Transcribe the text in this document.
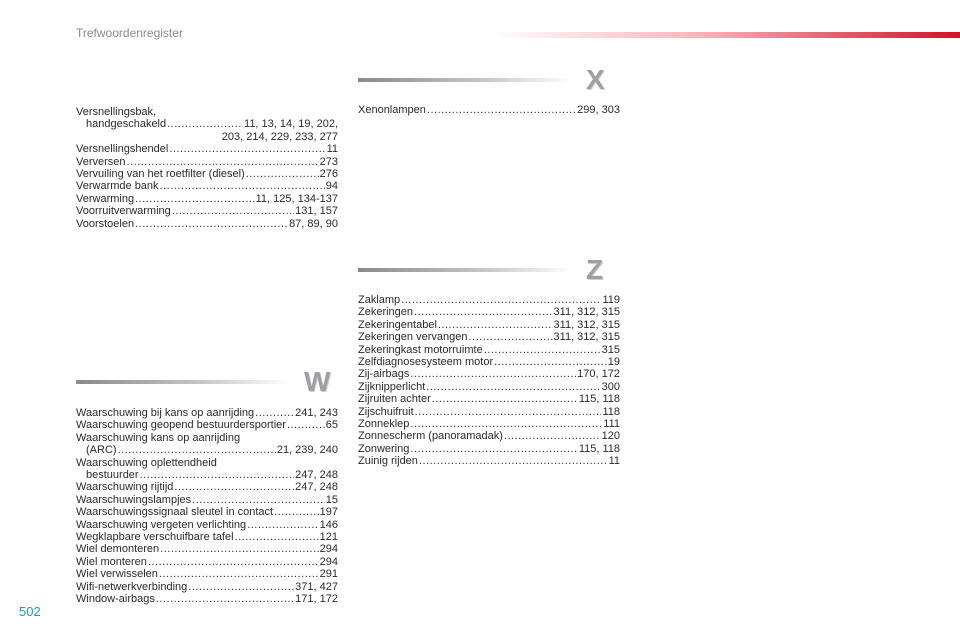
Trefwoordenregister
Versnellingsbak,
handgeschakeld .....	11, 13, 14, 19, 202,
203, 214, 229, 233, 277
Versnellingshendel .....	11
Verversen .....	273
Vervuiling van het roetfilter (diesel) .....	276
Verwarmde bank .....	94
Verwarming .....	11, 125, 134-137
Voorruitverwarming .....	131, 157
Voorstoelen .....	87, 89, 90
W
Waarschuwing bij kans op aanrijding .....	241, 243
Waarschuwing geopend bestuurdersportier .....	65
Waarschuwing kans op aanrijding
(ARC) .....	21, 239, 240
Waarschuwing oplettendheid
bestuurder .....	247, 248
Waarschuwing rijtijd .....	247, 248
Waarschuwingslampjes .....	15
Waarschuwingssignaal sleutel in contact .....	197
Waarschuwing vergeten verlichting .....	146
Wegklapbare verschuifbare tafel .....	121
Wiel demonteren .....	294
Wiel monteren .....	294
Wiel verwisselen .....	291
Wifi-netwerkverbinding .....	371, 427
Window-airbags .....	171, 172
X
Xenonlampen .....	299, 303
Z
Zaklamp .....	119
Zekeringen .....	311, 312, 315
Zekeringentabel .....	311, 312, 315
Zekeringen vervangen .....	311, 312, 315
Zekeringkast motorruimte .....	315
Zelfdiagnosesysteem motor .....	19
Zij-airbags .....	170, 172
Zijknipperlicht .....	300
Zijruiten achter .....	115, 118
Zijschuifruit .....	118
Zonneklep .....	111
Zonnescherm (panoramadak) .....	120
Zonwering .....	115, 118
Zuinig rijden .....	11
502
